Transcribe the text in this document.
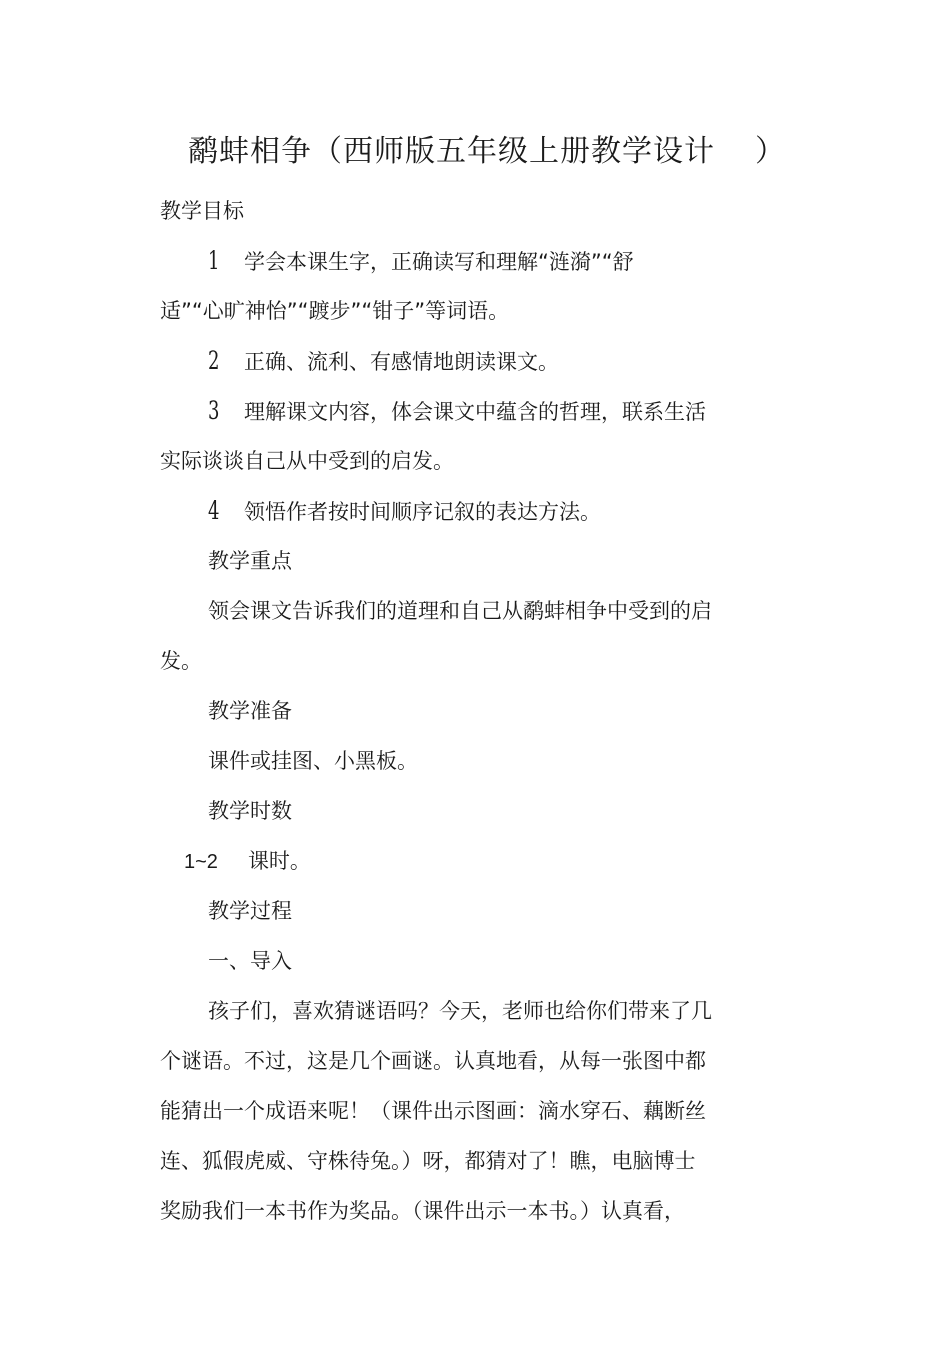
鹬蚌相争（西师版五年级上册教学设计 ）
教学目标
1 学会本课生字，正确读写和理解“涟漪”“舒
适”“心旷神怡”“踱步”“钳子”等词语。
2 正确、流利、有感情地朗读课文。
3 理解课文内容，体会课文中蕴含的哲理，联系生活
实际谈谈自己从中受到的启发。
4 领悟作者按时间顺序记叙的表达方法。
教学重点
领会课文告诉我们的道理和自己从鹬蚌相争中受到的启
发。
教学准备
课件或挂图、小黑板。
教学时数
1~2 课时。
教学过程
一、导入
孩子们，喜欢猜谜语吗？今天，老师也给你们带来了几
个谜语。不过，这是几个画谜。认真地看，从每一张图中都
能猜出一个成语来呢！（课件出示图画：滴水穿石、藕断丝
连、狐假虎威、守株待兔。）呀，都猜对了！瞧，电脑博士
奖励我们一本书作为奖品。（课件出示一本书。）认真看，
